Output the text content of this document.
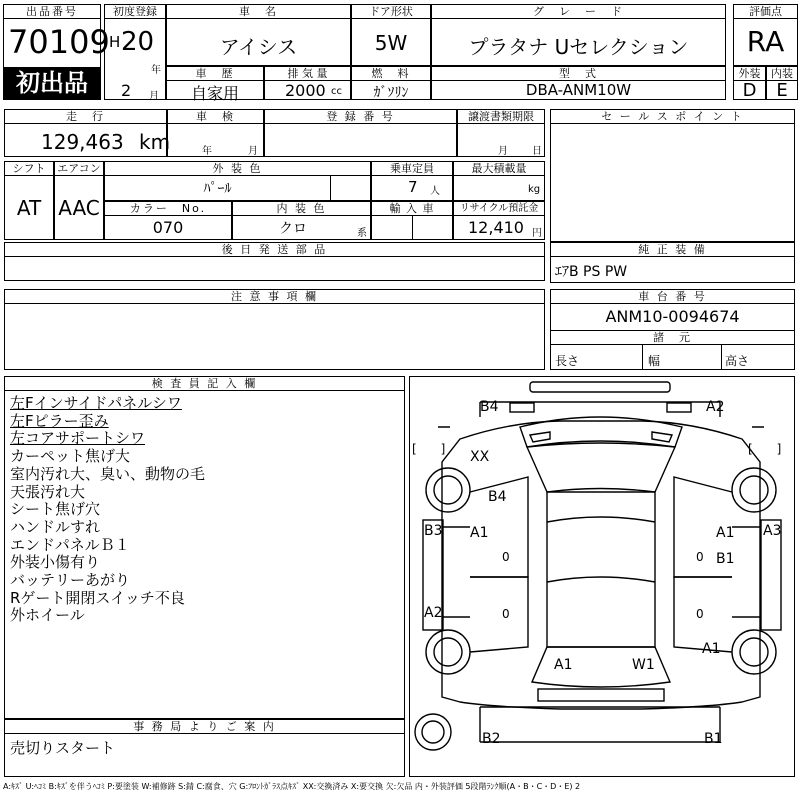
出品番号
70109
初出品
初度登録
H 20
年
2 月
車　名
アイシス
ドア形状
5W
グ　レ　ー　ド
プラタナ Uセレクション
評価点
RA
車　歴
自家用
排 気 量
2000 cc
燃　料
ｶﾞｿﾘﾝ
型　式
DBA-ANM10W
外装
D
内装
E
走　行
129,463 km
車　検
年	月
登 録 番 号	譲渡書類期限
月 日
シフト
AT
エアコン
AAC
外 装 色
ﾊﾟｰﾙ
乗車定員
7 人
最大積載量
kg
カラー　No.
070
内 装 色
クロ	系
輸 入 車	リサイクル預託金
12,410 円
後 日 発 送 部 品
セ ー ル ス ポ イ ン ト
純 正 装 備
ｴｱB PS PW
車 台 番 号
ANM10-0094674
諸　元
長さ	幅	高さ
注 意 事 項 欄
検 査 員 記 入 欄
左Fインサイドパネルシワ
左Fピラー歪み
左コアサポートシワ
カーペット焦げ大
室内汚れ大、臭い、動物の毛
天張汚れ大
シート焦げ穴
ハンドルすれ
エンドパネルＢ１
外装小傷有り
バッテリーあがり
Rゲート開閉スイッチ不良
外ホイール
事 務 局 よ り ご 案 内
売切りスタート
B4	A2
[　　]	[　　]
XX
B4
B3	A3
A1	A1
0	0 B1
0	0
A2
A1
A1	W1
B2	B1
A:ｷｽﾞ U:ﾍｺﾐ B:ｷｽﾞを伴うﾍｺﾐ P:要塗装 W:補修跡 S:錆 C:腐食、穴 G:ﾌﾛﾝﾄｶﾞﾗｽ点ｷｽﾞ XX:交換済み X:要交換 欠:欠品 内・外装評価 5段階ﾗﾝｸ順(A・B・C・D・E) 2
